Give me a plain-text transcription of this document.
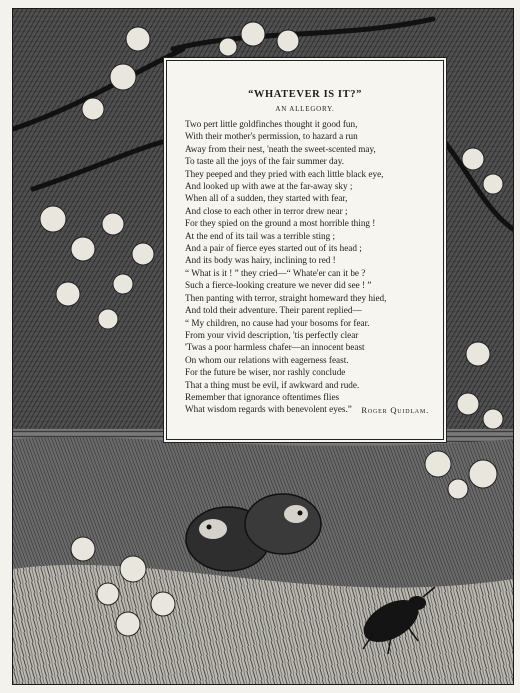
“WHATEVER IS IT?”
AN ALLEGORY.
Two pert little goldfinches thought it good fun,
With their mother's permission, to hazard a run
Away from their nest, 'neath the sweet-scented may,
To taste all the joys of the fair summer day.
They peeped and they pried with each little black eye,
And looked up with awe at the far-away sky ;
When all of a sudden, they started with fear,
And close to each other in terror drew near ;
For they spied on the ground a most horrible thing !
At the end of its tail was a terrible sting ;
And a pair of fierce eyes started out of its head ;
And its body was hairy, inclining to red !
“ What is it ! ” they cried—“ Whate'er can it be ?
Such a fierce-looking creature we never did see ! ”
Then panting with terror, straight homeward they hied,
And told their adventure. Their parent replied—
“ My children, no cause had your bosoms for fear.
From your vivid description, 'tis perfectly clear
'Twas a poor harmless chafer—an innocent beast
On whom our relations with eagerness feast.
For the future be wiser, nor rashly conclude
That a thing must be evil, if awkward and rude.
Remember that ignorance oftentimes flies
What wisdom regards with benevolent eyes.”	Roger Quidlam.
